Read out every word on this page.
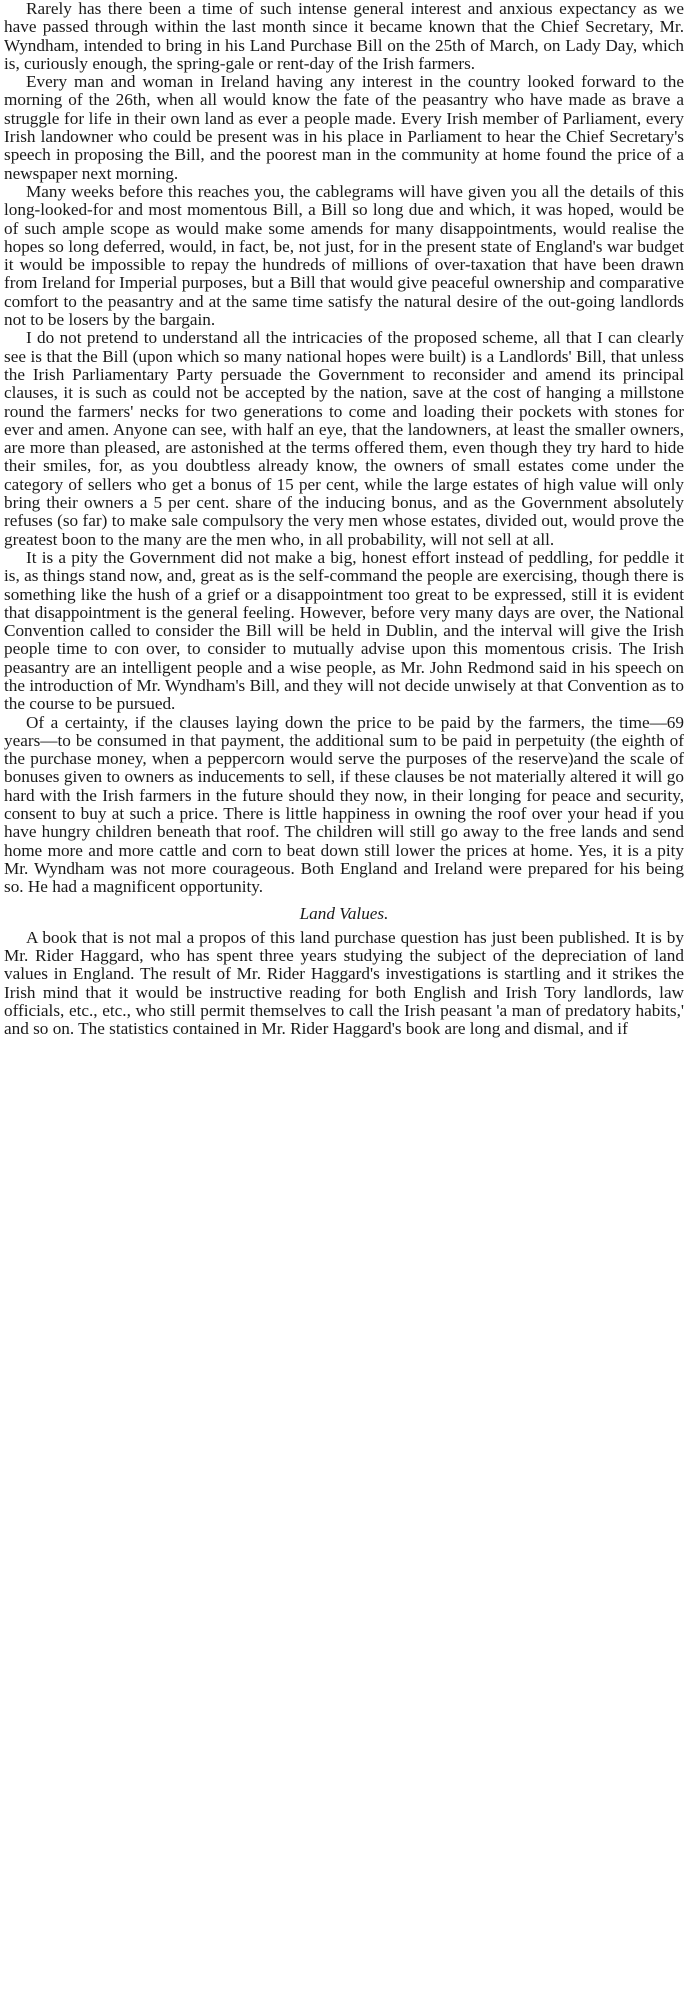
Rarely has there been a time of such intense general interest and anxious expectancy as we have passed through within the last month since it became known that the Chief Secretary, Mr. Wyndham, intended to bring in his Land Purchase Bill on the 25th of March, on Lady Day, which is, curiously enough, the spring-gale or rent-day of the Irish farmers.

Every man and woman in Ireland having any interest in the country looked forward to the morning of the 26th, when all would know the fate of the peasantry who have made as brave a struggle for life in their own land as ever a people made. Every Irish member of Parliament, every Irish landowner who could be present was in his place in Parliament to hear the Chief Secretary's speech in proposing the Bill, and the poorest man in the community at home found the price of a newspaper next morning.

Many weeks before this reaches you, the cablegrams will have given you all the details of this long-looked-for and most momentous Bill, a Bill so long due and which, it was hoped, would be of such ample scope as would make some amends for many disappointments, would realise the hopes so long deferred, would, in fact, be, not just, for in the present state of England's war budget it would be impossible to repay the hundreds of millions of over-taxation that have been drawn from Ireland for Imperial purposes, but a Bill that would give peaceful ownership and comparative comfort to the peasantry and at the same time satisfy the natural desire of the out-going landlords not to be losers by the bargain.

I do not pretend to understand all the intricacies of the proposed scheme, all that I can clearly see is that the Bill (upon which so many national hopes were built) is a Landlords' Bill, that unless the Irish Parliamentary Party persuade the Government to reconsider and amend its principal clauses, it is such as could not be accepted by the nation, save at the cost of hanging a millstone round the farmers' necks for two generations to come and loading their pockets with stones for ever and amen. Anyone can see, with half an eye, that the landowners, at least the smaller owners, are more than pleased, are astonished at the terms offered them, even though they try hard to hide their smiles, for, as you doubtless already know, the owners of small estates come under the category of sellers who get a bonus of 15 per cent, while the large estates of high value will only bring their owners a 5 per cent. share of the inducing bonus, and as the Government absolutely refuses (so far) to make sale compulsory the very men whose estates, divided out, would prove the greatest boon to the many are the men who, in all probability, will not sell at all.

It is a pity the Government did not make a big, honest effort instead of peddling, for peddle it is, as things stand now, and, great as is the self-command the people are exercising, though there is something like the hush of a grief or a disappointment too great to be expressed, still it is evident that disappointment is the general feeling. However, before very many days are over, the National Convention called to consider the Bill will be held in Dublin, and the interval will give the Irish people time to con over, to consider to mutually advise upon this momentous crisis. The Irish peasantry are an intelligent people and a wise people, as Mr. John Redmond said in his speech on the introduction of Mr. Wyndham's Bill, and they will not decide unwisely at that Convention as to the course to be pursued.

Of a certainty, if the clauses laying down the price to be paid by the farmers, the time—69 years—to be consumed in that payment, the additional sum to be paid in perpetuity (the eighth of the purchase money, when a peppercorn would serve the purposes of the reserve)and the scale of bonuses given to owners as inducements to sell, if these clauses be not materially altered it will go hard with the Irish farmers in the future should they now, in their longing for peace and security, consent to buy at such a price. There is little happiness in owning the roof over your head if you have hungry children beneath that roof. The children will still go away to the free lands and send home more and more cattle and corn to beat down still lower the prices at home. Yes, it is a pity Mr. Wyndham was not more courageous. Both England and Ireland were prepared for his being so. He had a magnificent opportunity.

Land Values.

A book that is not mal a propos of this land purchase question has just been published. It is by Mr. Rider Haggard, who has spent three years studying the subject of the depreciation of land values in England. The result of Mr. Rider Haggard's investigations is startling and it strikes the Irish mind that it would be instructive reading for both English and Irish Tory landlords, law officials, etc., etc., who still permit themselves to call the Irish peasant 'a man of predatory habits,' and so on. The statistics contained in Mr. Rider Haggard's book are long and dismal, and if
